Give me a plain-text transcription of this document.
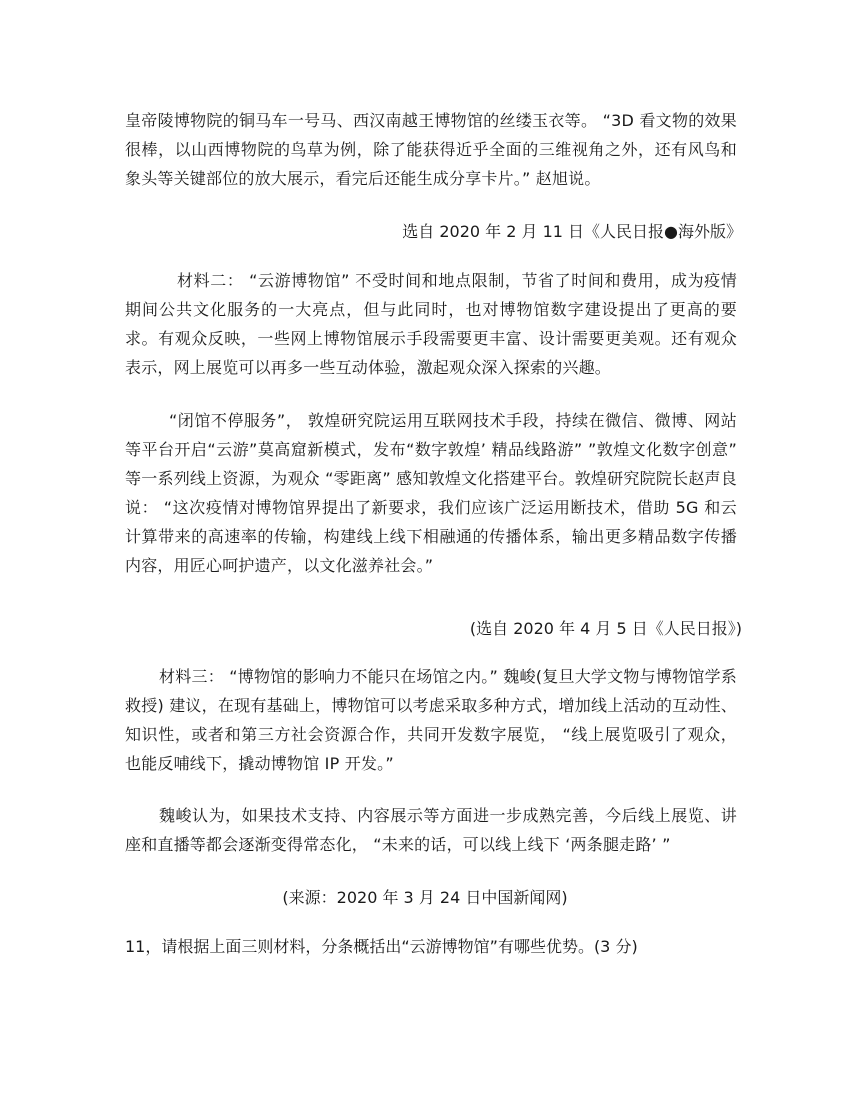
皇帝陵博物院的铜马车一号马、西汉南越王博物馆的丝缕玉衣等。 “3D 看文物的效果很棒，以山西博物院的鸟草为例，除了能获得近乎全面的三维视角之外，还有风鸟和象头等关键部位的放大展示，看完后还能生成分享卡片。” 赵旭说。

选自 2020 年 2 月 11 日《人民日报●海外版》

材料二： “云游博物馆” 不受时间和地点限制，节省了时间和费用，成为疫情期间公共文化服务的一大亮点，但与此同时，也对博物馆数字建设提出了更高的要求。有观众反映，一些网上博物馆展示手段需要更丰富、设计需要更美观。还有观众表示，网上展览可以再多一些互动体验，激起观众深入探索的兴趣。

“闭馆不停服务”， 敦煌研究院运用互联网技术手段，持续在微信、微博、网站等平台开启“云游”莫高窟新模式，发布“数字敦煌’ 精品线路游” ”敦煌文化数字创意” 等一系列线上资源，为观众 “零距离” 感知敦煌文化搭建平台。敦煌研究院院长赵声良说： “这次疫情对博物馆界提出了新要求，我们应该广泛运用断技术，借助 5G 和云计算带来的高速率的传输，构建线上线下相融通的传播体系，输出更多精品数字传播内容，用匠心呵护遗产，以文化滋养社会。”

(选自 2020 年 4 月 5 日《人民日报》)

材料三： “博物馆的影响力不能只在场馆之内。” 魏峻(复旦大学文物与博物馆学系救授) 建议，在现有基础上，博物馆可以考虑采取多种方式，增加线上活动的互动性、知识性，或者和第三方社会资源合作，共同开发数字展览， “线上展览吸引了观众，也能反哺线下，撬动博物馆 IP 开发。”

魏峻认为，如果技术支持、内容展示等方面进一步成熟完善，今后线上展览、讲座和直播等都会逐渐变得常态化， “未来的话，可以线上线下 ‘两条腿走路’ ”

(来源：2020 年 3 月 24 日中国新闻网)

11，请根据上面三则材料，分条概括出“云游博物馆”有哪些优势。(3 分)
